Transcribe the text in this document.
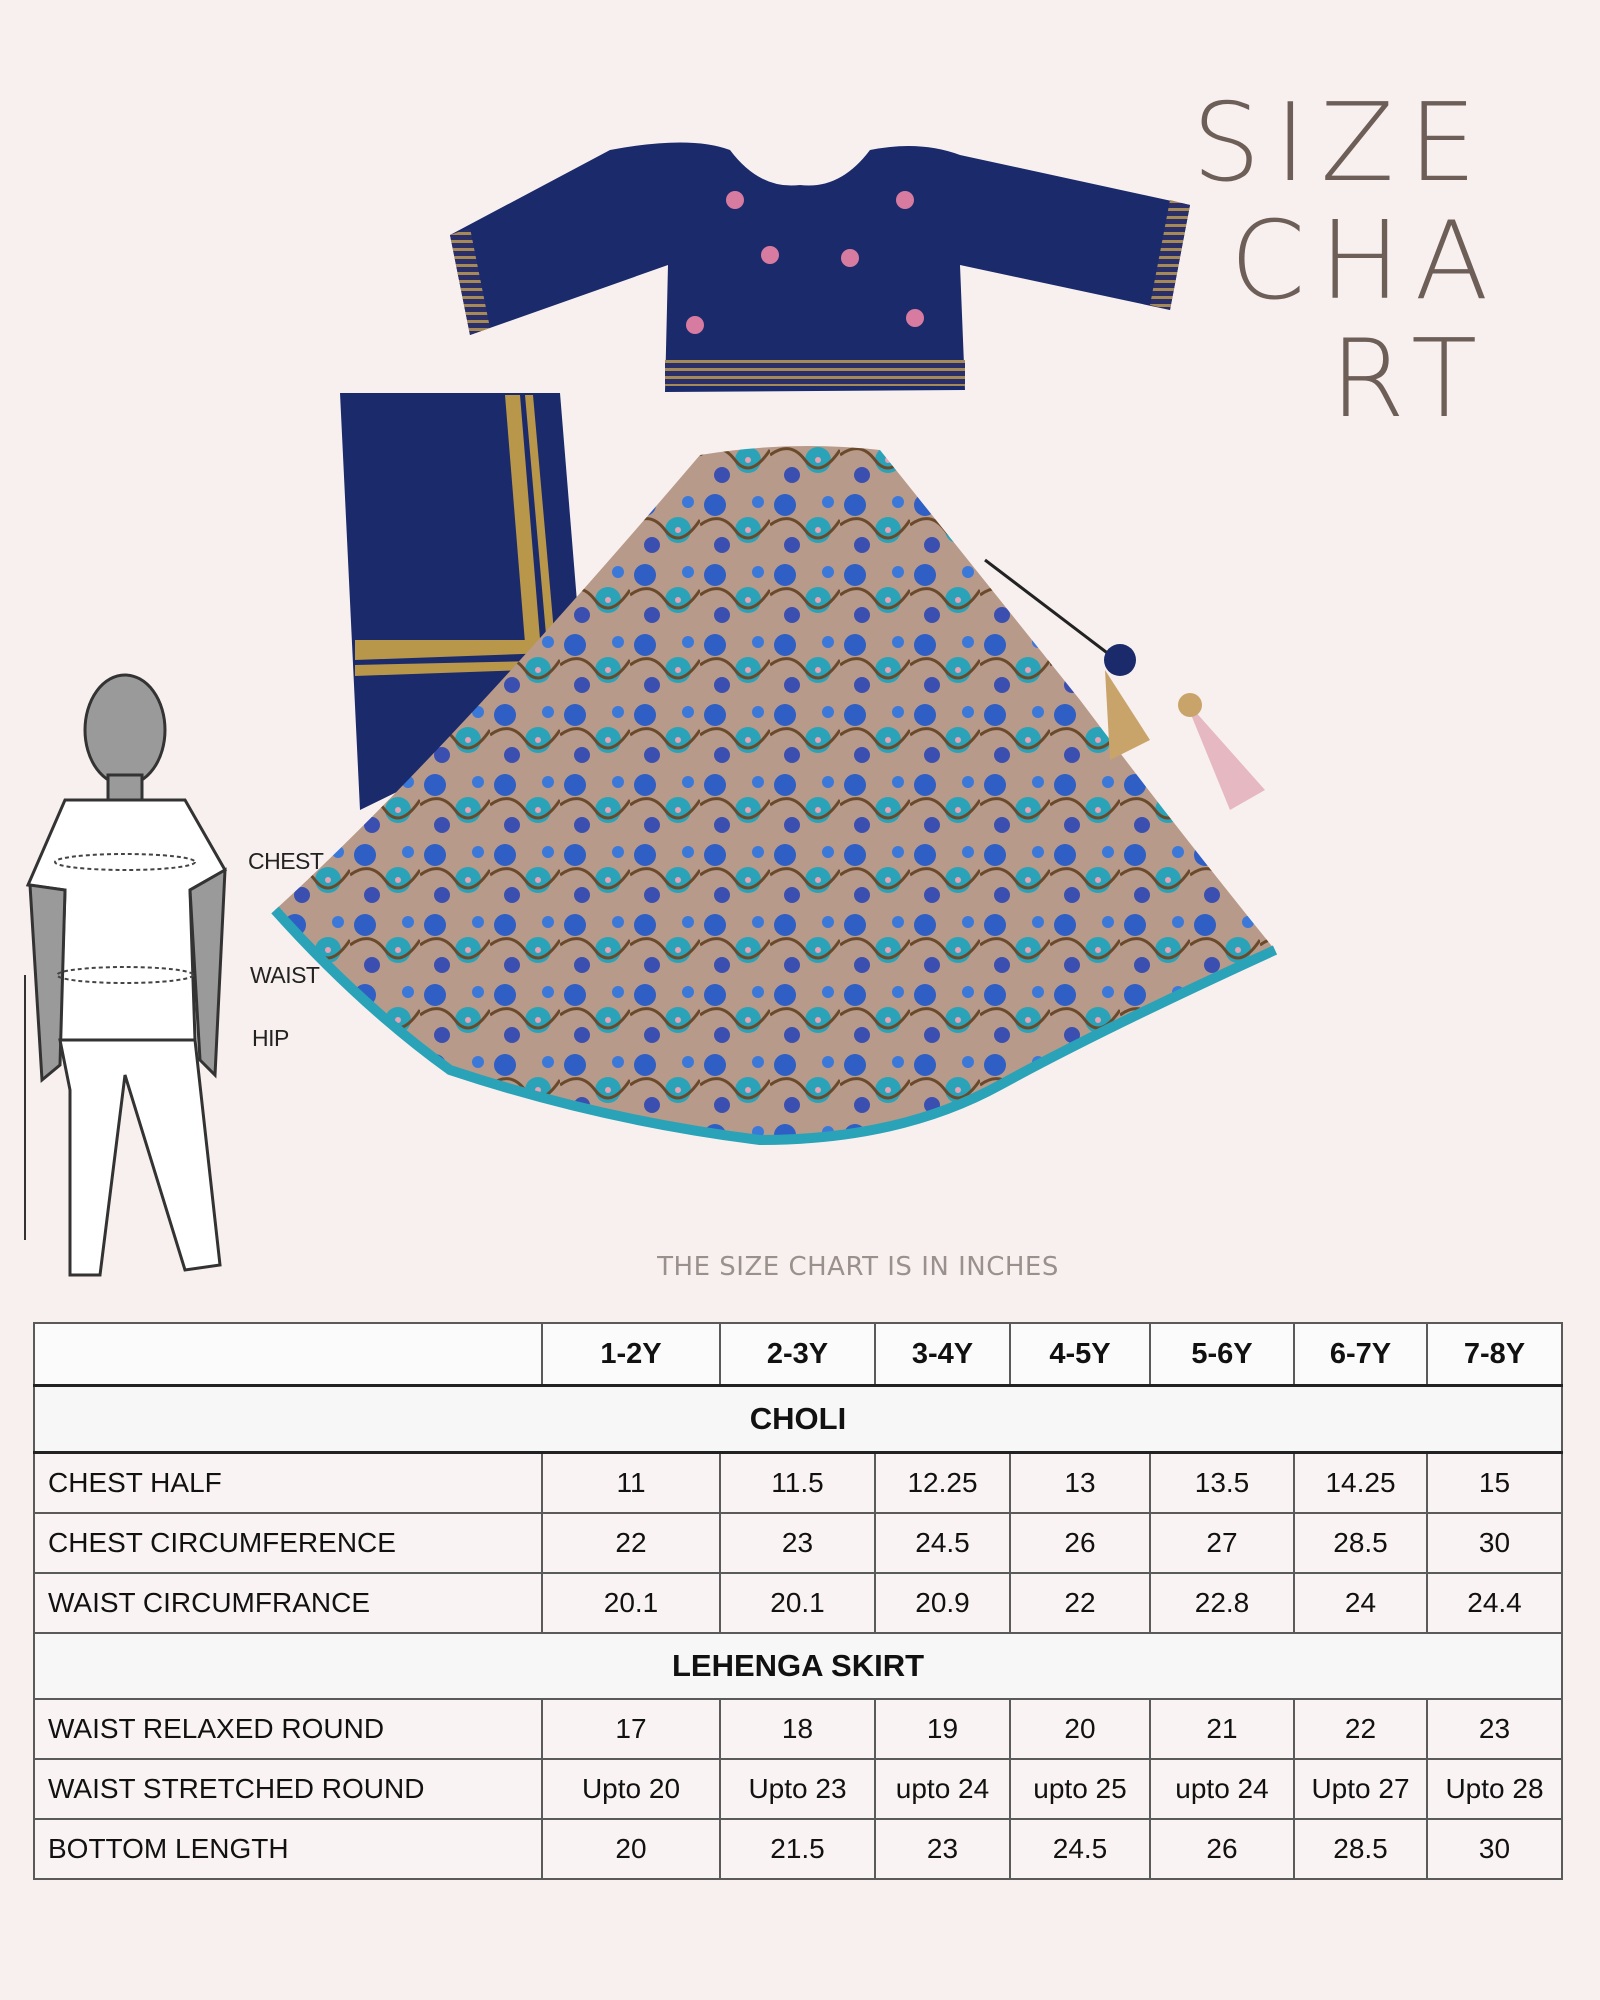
SIZE
CHA
RT
CHEST
WAIST
HIP
THE SIZE CHART IS IN INCHES
	1-2Y	2-3Y	3-4Y	4-5Y	5-6Y	6-7Y	7-8Y
CHOLI							
CHEST HALF	11	11.5	12.25	13	13.5	14.25	15
CHEST CIRCUMFERENCE	22	23	24.5	26	27	28.5	30
WAIST CIRCUMFRANCE	20.1	20.1	20.9	22	22.8	24	24.4
LEHENGA SKIRT							
WAIST RELAXED ROUND	17	18	19	20	21	22	23
WAIST STRETCHED ROUND	Upto 20	Upto 23	upto 24	upto 25	upto 24	Upto 27	Upto 28
BOTTOM LENGTH	20	21.5	23	24.5	26	28.5	30
